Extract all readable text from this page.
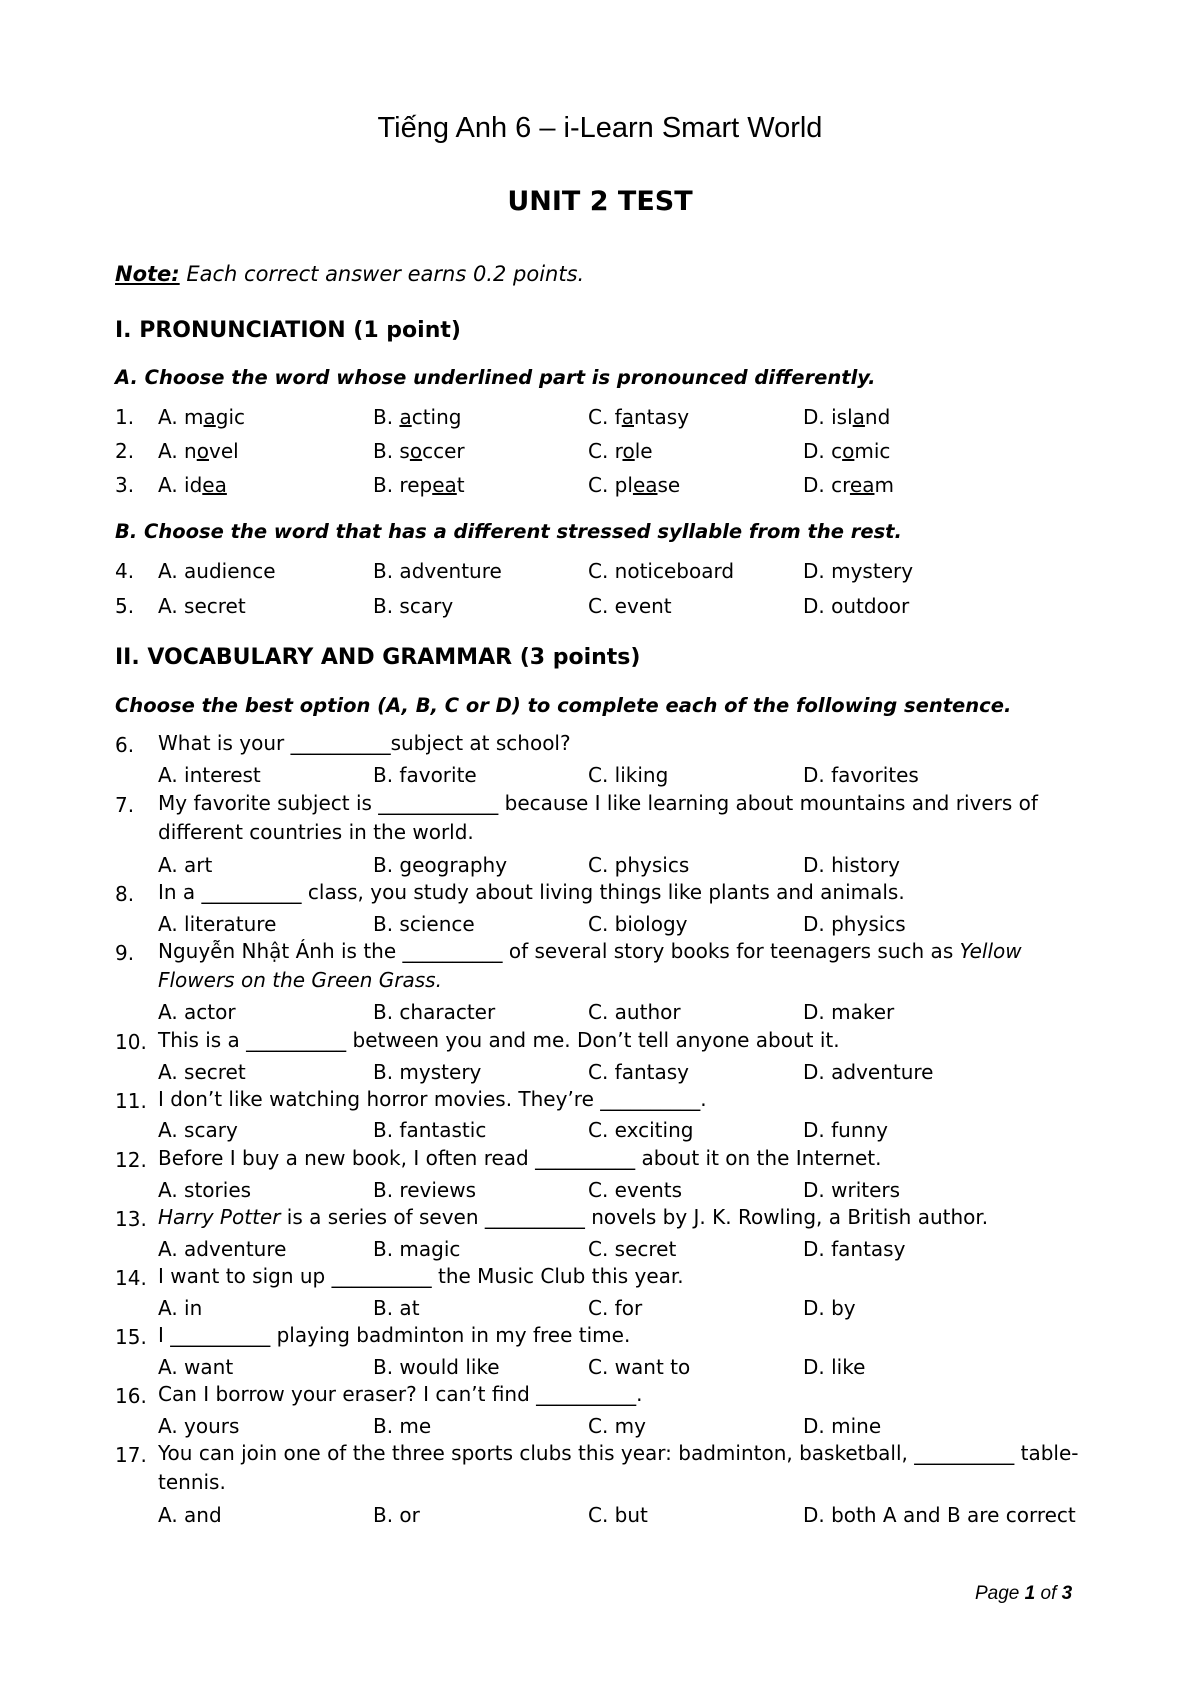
Tiếng Anh 6 – i-Learn Smart World
UNIT 2 TEST
Note: Each correct answer earns 0.2 points.
I. PRONUNCIATION (1 point)
A. Choose the word whose underlined part is pronounced differently.
1. A. magic	B. acting	C. fantasy	D. island
2. A. novel	B. soccer	C. role	D. comic
3. A. idea	B. repeat	C. please	D. cream
B. Choose the word that has a different stressed syllable from the rest.
4. A. audience	B. adventure	C. noticeboard	D. mystery
5. A. secret	B. scary	C. event	D. outdoor
II. VOCABULARY AND GRAMMAR (3 points)
Choose the best option (A, B, C or D) to complete each of the following sentence.
6. What is your __________subject at school?
A. interest	B. favorite	C. liking	D. favorites
7. My favorite subject is ____________ because I like learning about mountains and rivers of different countries in the world.
A. art	B. geography	C. physics	D. history
8. In a __________ class, you study about living things like plants and animals.
A. literature	B. science	C. biology	D. physics
9. Nguyễn Nhật Ánh is the __________ of several story books for teenagers such as Yellow Flowers on the Green Grass.
A. actor	B. character	C. author	D. maker
10. This is a __________ between you and me. Don’t tell anyone about it.
A. secret	B. mystery	C. fantasy	D. adventure
11. I don’t like watching horror movies. They’re __________.
A. scary	B. fantastic	C. exciting	D. funny
12. Before I buy a new book, I often read __________ about it on the Internet.
A. stories	B. reviews	C. events	D. writers
13. Harry Potter is a series of seven __________ novels by J. K. Rowling, a British author.
A. adventure	B. magic	C. secret	D. fantasy
14. I want to sign up __________ the Music Club this year.
A. in	B. at	C. for	D. by
15. I __________ playing badminton in my free time.
A. want	B. would like	C. want to	D. like
16. Can I borrow your eraser? I can’t find __________.
A. yours	B. me	C. my	D. mine
17. You can join one of the three sports clubs this year: badminton, basketball, __________ table-tennis.
A. and	B. or	C. but	D. both A and B are correct
Page 1 of 3
